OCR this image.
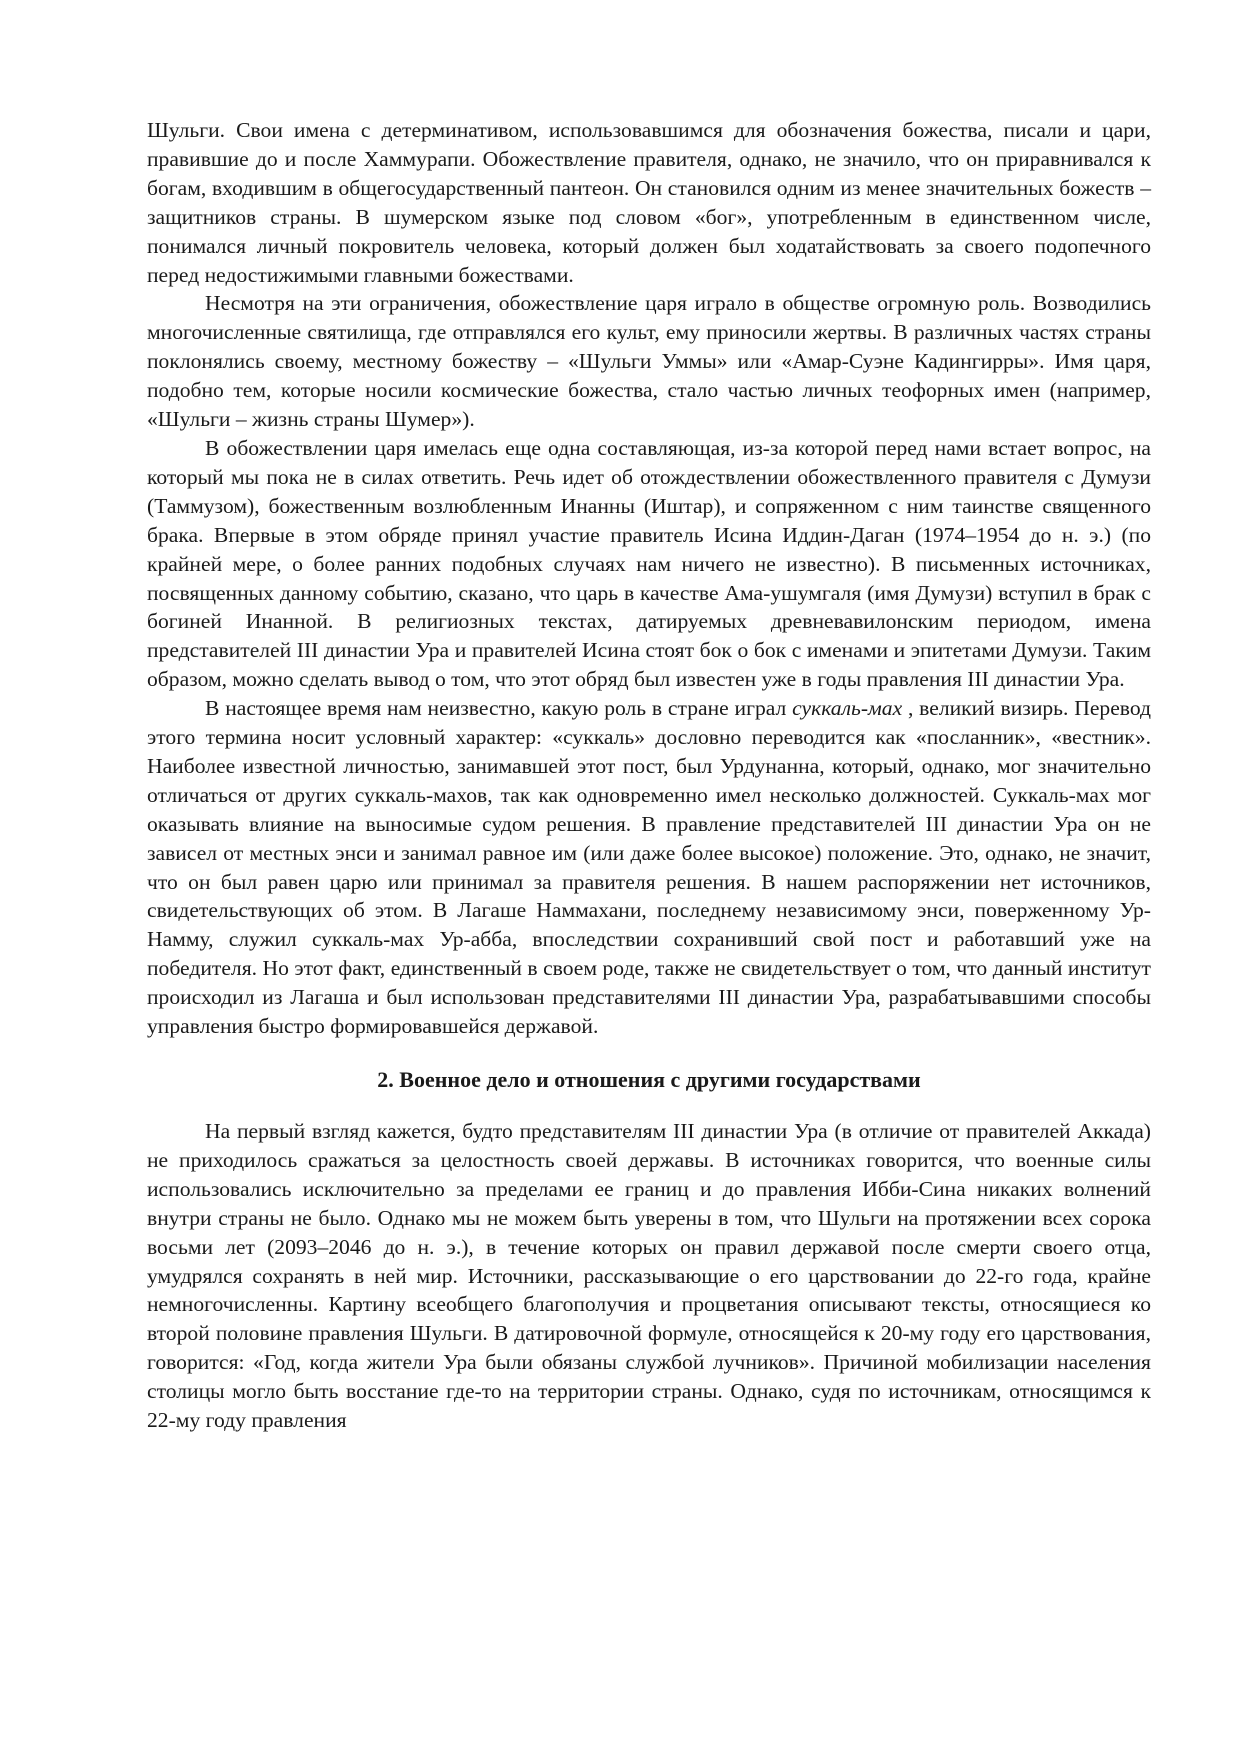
Шульги. Свои имена с детерминативом, использовавшимся для обозначения божества, писали и цари, правившие до и после Хаммурапи. Обожествление правителя, однако, не значило, что он приравнивался к богам, входившим в общегосударственный пантеон. Он становился одним из менее значительных божеств – защитников страны. В шумерском языке под словом «бог», употребленным в единственном числе, понимался личный покровитель человека, который должен был ходатайствовать за своего подопечного перед недостижимыми главными божествами.

Несмотря на эти ограничения, обожествление царя играло в обществе огромную роль. Возводились многочисленные святилища, где отправлялся его культ, ему приносили жертвы. В различных частях страны поклонялись своему, местному божеству – «Шульги Уммы» или «Амар-Суэне Кадингирры». Имя царя, подобно тем, которые носили космические божества, стало частью личных теофорных имен (например, «Шульги – жизнь страны Шумер»).

В обожествлении царя имелась еще одна составляющая, из-за которой перед нами встает вопрос, на который мы пока не в силах ответить. Речь идет об отождествлении обожествленного правителя с Думузи (Таммузом), божественным возлюбленным Инанны (Иштар), и сопряженном с ним таинстве священного брака. Впервые в этом обряде принял участие правитель Исина Иддин-Даган (1974–1954 до н. э.) (по крайней мере, о более ранних подобных случаях нам ничего не известно). В письменных источниках, посвященных данному событию, сказано, что царь в качестве Ама-ушумгаля (имя Думузи) вступил в брак с богиней Инанной. В религиозных текстах, датируемых древневавилонским периодом, имена представителей III династии Ура и правителей Исина стоят бок о бок с именами и эпитетами Думузи. Таким образом, можно сделать вывод о том, что этот обряд был известен уже в годы правления III династии Ура.

В настоящее время нам неизвестно, какую роль в стране играл суккаль-мах , великий визирь. Перевод этого термина носит условный характер: «суккаль» дословно переводится как «посланник», «вестник». Наиболее известной личностью, занимавшей этот пост, был Урдунанна, который, однако, мог значительно отличаться от других суккаль-махов, так как одновременно имел несколько должностей. Суккаль-мах мог оказывать влияние на выносимые судом решения. В правление представителей III династии Ура он не зависел от местных энси и занимал равное им (или даже более высокое) положение. Это, однако, не значит, что он был равен царю или принимал за правителя решения. В нашем распоряжении нет источников, свидетельствующих об этом. В Лагаше Наммахани, последнему независимому энси, поверженному Ур-Намму, служил суккаль-мах Ур-абба, впоследствии сохранивший свой пост и работавший уже на победителя. Но этот факт, единственный в своем роде, также не свидетельствует о том, что данный институт происходил из Лагаша и был использован представителями III династии Ура, разрабатывавшими способы управления быстро формировавшейся державой.

2. Военное дело и отношения с другими государствами

На первый взгляд кажется, будто представителям III династии Ура (в отличие от правителей Аккада) не приходилось сражаться за целостность своей державы. В источниках говорится, что военные силы использовались исключительно за пределами ее границ и до правления Ибби-Сина никаких волнений внутри страны не было. Однако мы не можем быть уверены в том, что Шульги на протяжении всех сорока восьми лет (2093–2046 до н. э.), в течение которых он правил державой после смерти своего отца, умудрялся сохранять в ней мир. Источники, рассказывающие о его царствовании до 22-го года, крайне немногочисленны. Картину всеобщего благополучия и процветания описывают тексты, относящиеся ко второй половине правления Шульги. В датировочной формуле, относящейся к 20-му году его царствования, говорится: «Год, когда жители Ура были обязаны службой лучников». Причиной мобилизации населения столицы могло быть восстание где-то на территории страны. Однако, судя по источникам, относящимся к 22-му году правления
